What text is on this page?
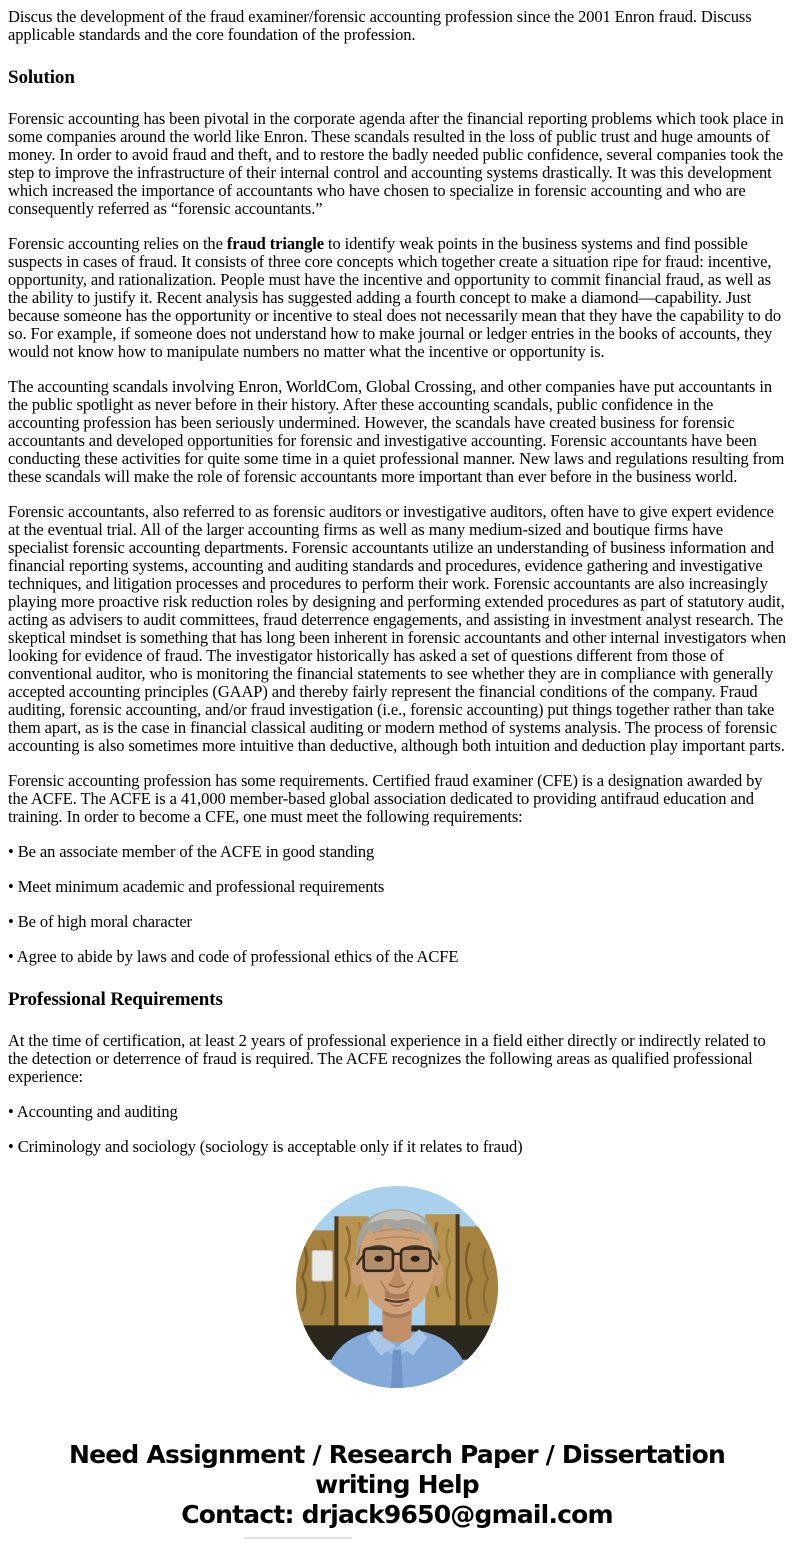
Discus the development of the fraud examiner/forensic accounting profession since the 2001 Enron fraud. Discuss applicable standards and the core foundation of the profession.

Solution

Forensic accounting has been pivotal in the corporate agenda after the financial reporting problems which took place in some companies around the world like Enron. These scandals resulted in the loss of public trust and huge amounts of money. In order to avoid fraud and theft, and to restore the badly needed public confidence, several companies took the step to improve the infrastructure of their internal control and accounting systems drastically. It was this development which increased the importance of accountants who have chosen to specialize in forensic accounting and who are consequently referred as “forensic accountants.”

Forensic accounting relies on the fraud triangle to identify weak points in the business systems and find possible suspects in cases of fraud. It consists of three core concepts which together create a situation ripe for fraud: incentive, opportunity, and rationalization. People must have the incentive and opportunity to commit financial fraud, as well as the ability to justify it. Recent analysis has suggested adding a fourth concept to make a diamond—capability. Just because someone has the opportunity or incentive to steal does not necessarily mean that they have the capability to do so. For example, if someone does not understand how to make journal or ledger entries in the books of accounts, they would not know how to manipulate numbers no matter what the incentive or opportunity is.

The accounting scandals involving Enron, WorldCom, Global Crossing, and other companies have put accountants in the public spotlight as never before in their history. After these accounting scandals, public confidence in the accounting profession has been seriously undermined. However, the scandals have created business for forensic accountants and developed opportunities for forensic and investigative accounting. Forensic accountants have been conducting these activities for quite some time in a quiet professional manner. New laws and regulations resulting from these scandals will make the role of forensic accountants more important than ever before in the business world.

Forensic accountants, also referred to as forensic auditors or investigative auditors, often have to give expert evidence at the eventual trial. All of the larger accounting firms as well as many medium-sized and boutique firms have specialist forensic accounting departments. Forensic accountants utilize an understanding of business information and financial reporting systems, accounting and auditing standards and procedures, evidence gathering and investigative techniques, and litigation processes and procedures to perform their work. Forensic accountants are also increasingly playing more proactive risk reduction roles by designing and performing extended procedures as part of statutory audit, acting as advisers to audit committees, fraud deterrence engagements, and assisting in investment analyst research. The skeptical mindset is something that has long been inherent in forensic accountants and other internal investigators when looking for evidence of fraud. The investigator historically has asked a set of questions different from those of conventional auditor, who is monitoring the financial statements to see whether they are in compliance with generally accepted accounting principles (GAAP) and thereby fairly represent the financial conditions of the company. Fraud auditing, forensic accounting, and/or fraud investigation (i.e., forensic accounting) put things together rather than take them apart, as is the case in financial classical auditing or modern method of systems analysis. The process of forensic accounting is also sometimes more intuitive than deductive, although both intuition and deduction play important parts.

Forensic accounting profession has some requirements. Certified fraud examiner (CFE) is a designation awarded by the ACFE. The ACFE is a 41,000 member-based global association dedicated to providing antifraud education and training. In order to become a CFE, one must meet the following requirements:

• Be an associate member of the ACFE in good standing

• Meet minimum academic and professional requirements

• Be of high moral character

• Agree to abide by laws and code of professional ethics of the ACFE

Professional Requirements

At the time of certification, at least 2 years of professional experience in a field either directly or indirectly related to the detection or deterrence of fraud is required. The ACFE recognizes the following areas as qualified professional experience:

• Accounting and auditing

• Criminology and sociology (sociology is acceptable only if it relates to fraud)

Need Assignment / Research Paper / Dissertation
writing Help
Contact: drjack9650@gmail.com
